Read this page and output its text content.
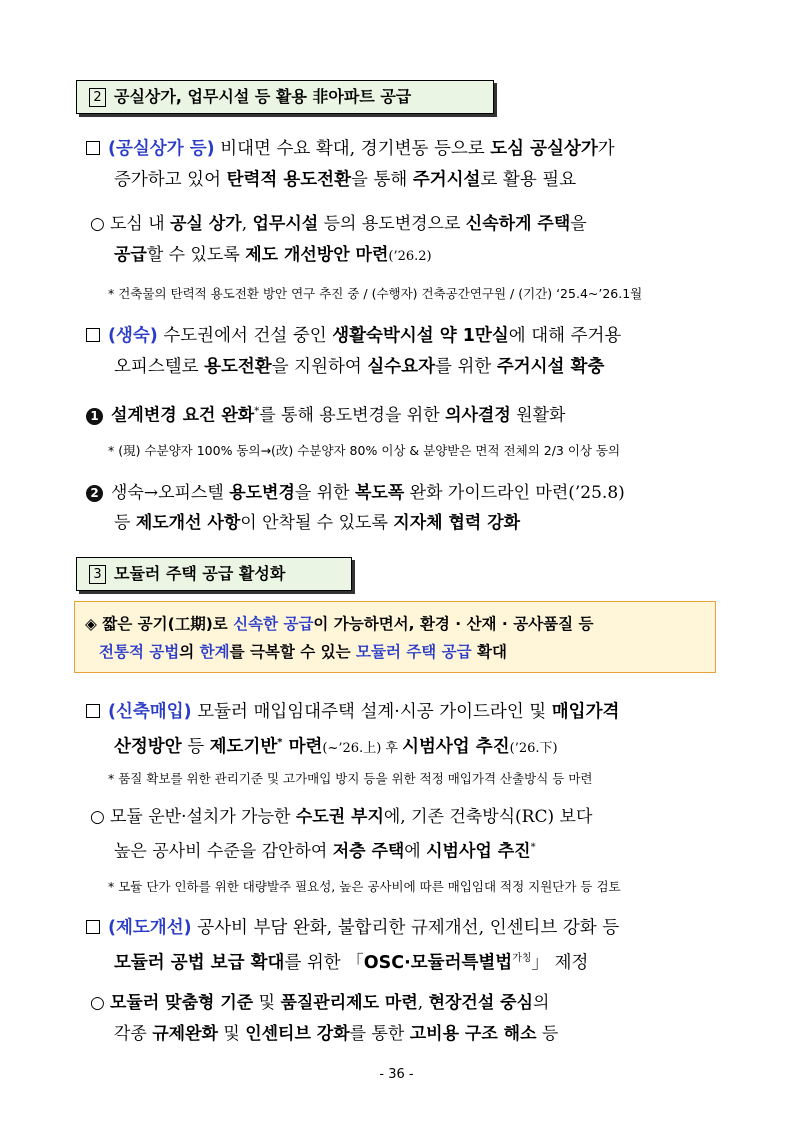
2 공실상가, 업무시설 등 활용 非아파트 공급
(공실상가 등) 비대면 수요 확대, 경기변동 등으로 도심 공실상가가
증가하고 있어 탄력적 용도전환을 통해 주거시설로 활용 필요
○ 도심 내 공실 상가, 업무시설 등의 용도변경으로 신속하게 주택을
공급할 수 있도록 제도 개선방안 마련(’26.2)
* 건축물의 탄력적 용도전환 방안 연구 추진 중 / (수행자) 건축공간연구원 / (기간) ‘25.4~’26.1월
(생숙) 수도권에서 건설 중인 생활숙박시설 약 1만실에 대해 주거용
오피스텔로 용도전환을 지원하여 실수요자를 위한 주거시설 확충
1 설계변경 요건 완화*를 통해 용도변경을 위한 의사결정 원활화
* (現) 수분양자 100% 동의→(改) 수분양자 80% 이상 & 분양받은 면적 전체의 2/3 이상 동의
2 생숙→오피스텔 용도변경을 위한 복도폭 완화 가이드라인 마련(’25.8)
등 제도개선 사항이 안착될 수 있도록 지자체 협력 강화
3 모듈러 주택 공급 활성화
◈ 짧은 공기(工期)로 신속한 공급이 가능하면서, 환경 · 산재 · 공사품질 등
전통적 공법의 한계를 극복할 수 있는 모듈러 주택 공급 확대
(신축매입) 모듈러 매입임대주택 설계·시공 가이드라인 및 매입가격
산정방안 등 제도기반* 마련(~’26.上) 후 시범사업 추진(’26.下)
* 품질 확보를 위한 관리기준 및 고가매입 방지 등을 위한 적정 매입가격 산출방식 등 마련
○ 모듈 운반·설치가 가능한 수도권 부지에, 기존 건축방식(RC) 보다
높은 공사비 수준을 감안하여 저층 주택에 시범사업 추진*
* 모듈 단가 인하를 위한 대량발주 필요성, 높은 공사비에 따른 매입임대 적정 지원단가 등 검토
(제도개선) 공사비 부담 완화, 불합리한 규제개선, 인센티브 강화 등
모듈러 공법 보급 확대를 위한 「OSC·모듈러특별법$^{가칭}$」 제정
○ 모듈러 맞춤형 기준 및 품질관리제도 마련, 현장건설 중심의
각종 규제완화 및 인센티브 강화를 통한 고비용 구조 해소 등
- 36 -
